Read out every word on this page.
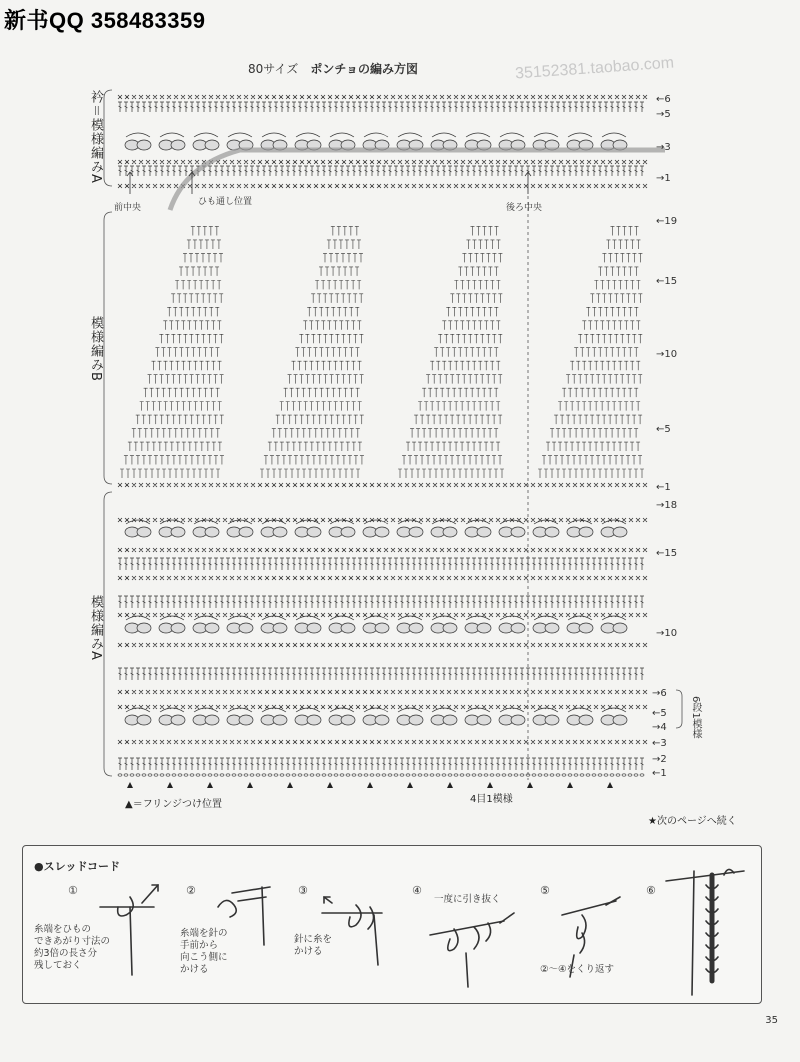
新书QQ 358483359
80サイズ ポンチョの編み方図	35152381.taobao.com
衿＝模様編みA
模様編みB
模様編みA
前中央
ひも通し位置
後ろ中央
←6
→5
→3
→1
←19
←15
→10
←5
←1
→18
←15
→10
→6
←5
→4
←3
→2
←1
6段1模様
▲＝フリンジつけ位置	4目1模様
★次のページへ続く
●スレッドコード
①
糸端をひもの
できあがり寸法の
約3倍の長さ分
残しておく
②
糸端を針の
手前から
向こう側に
かける
③
針に糸を
かける
④
一度に引き抜く
⑤
②〜④をくり返す
⑥
35
